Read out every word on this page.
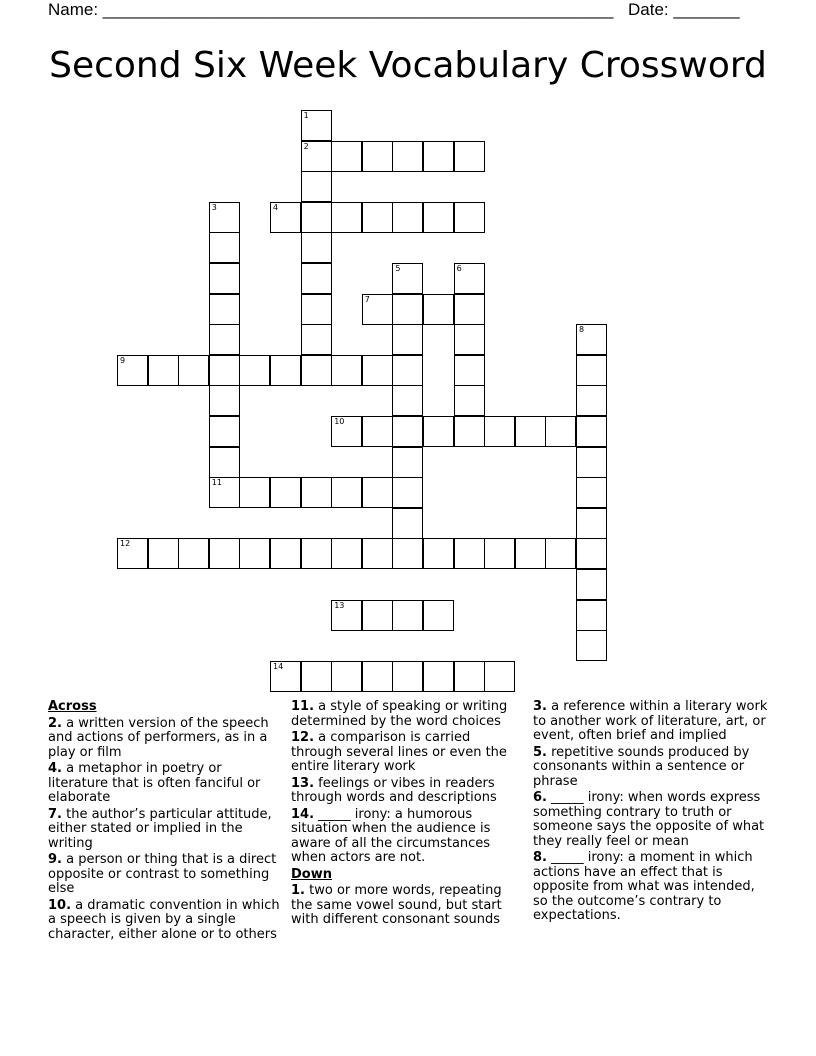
Name: ______________________________________________________ Date: _______
Second Six Week Vocabulary Crossword
1
2
3	4
5	6
7
8
9
10
11
12
13
14
Across
2. a written version of the speech and actions of performers, as in a play or film
4. a metaphor in poetry or literature that is often fanciful or elaborate
7. the author’s particular attitude, either stated or implied in the writing
9. a person or thing that is a direct opposite or contrast to something else
10. a dramatic convention in which a speech is given by a single character, either alone or to others
11. a style of speaking or writing determined by the word choices
12. a comparison is carried through several lines or even the entire literary work
13. feelings or vibes in readers through words and descriptions
14. _____ irony: a humorous situation when the audience is aware of all the circumstances when actors are not.
Down
1. two or more words, repeating the same vowel sound, but start with different consonant sounds
3. a reference within a literary work to another work of literature, art, or event, often brief and implied
5. repetitive sounds produced by consonants within a sentence or phrase
6. _____ irony: when words express something contrary to truth or someone says the opposite of what they really feel or mean
8. _____ irony: a moment in which actions have an effect that is opposite from what was intended, so the outcome’s contrary to expectations.
